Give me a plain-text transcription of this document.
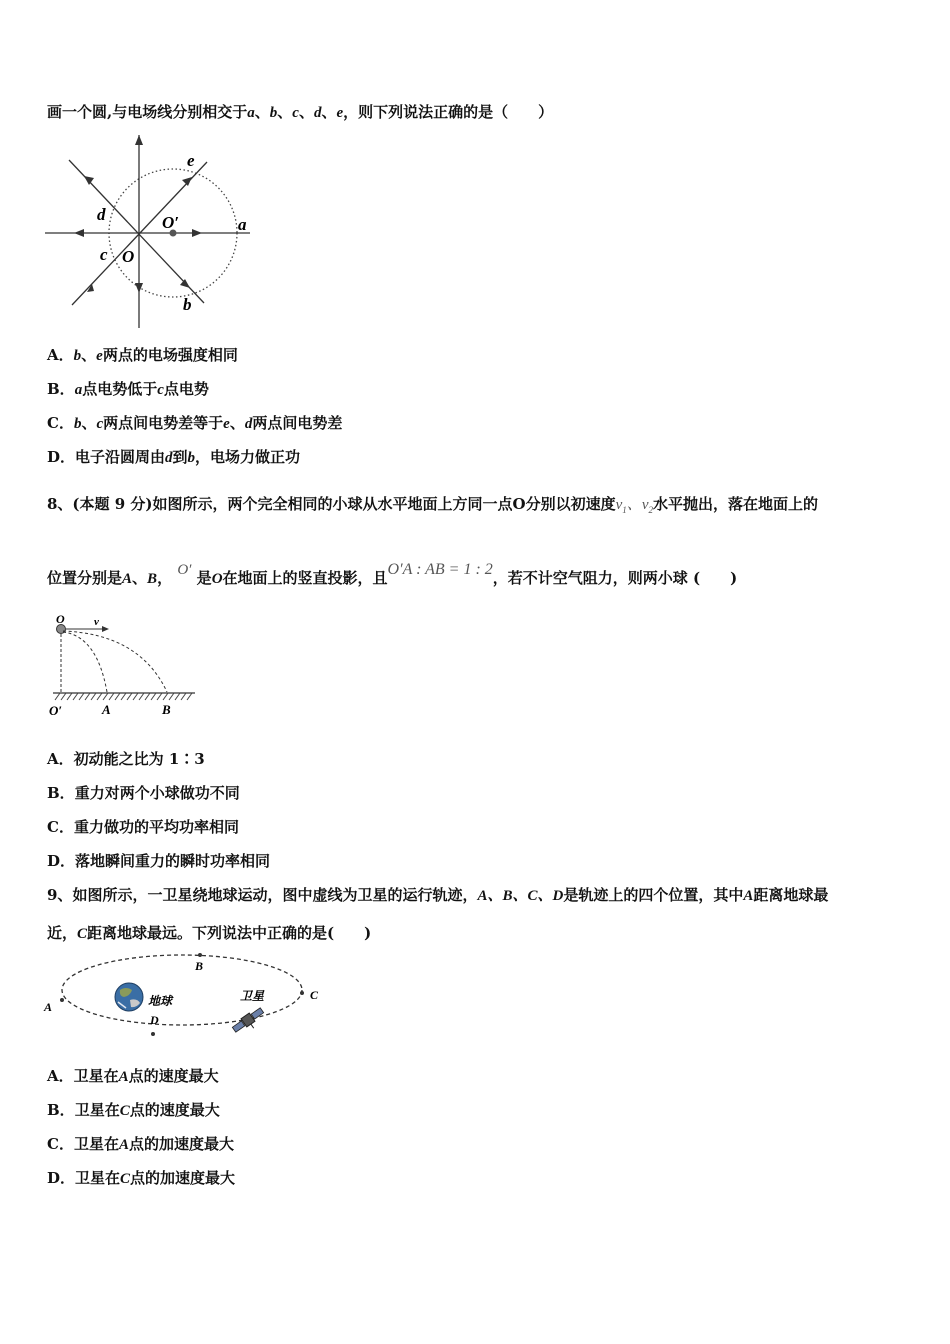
画一个圆,与电场线分别相交于a、b、c、d、e，则下列说法正确的是（　　）
e
d	O′	a
c O
b
A．b、e两点的电场强度相同
B．a点电势低于c点电势
C．b、c两点间电势差等于e、d两点间电势差
D．电子沿圆周由d到b，电场力做正功
8、(本题 9 分)如图所示，两个完全相同的小球从水平地面上方同一点O分别以初速度$v_1$、$v_2$水平抛出，落在地面上的
位置分别是A、B， O′ 是O在地面上的竖直投影，且O′A : AB = 1 : 2，若不计空气阻力，则两小球 (　　)
O	v
O′	A	B
A．初动能之比为 1∶3
B．重力对两个小球做功不同
C．重力做功的平均功率相同
D．落地瞬间重力的瞬时功率相同
9、如图所示，一卫星绕地球运动，图中虚线为卫星的运行轨迹，A、B、C、D是轨迹上的四个位置，其中A距离地球最
近，C距离地球最远。下列说法中正确的是(　　)
A
B
C
D
地球	卫星
A．卫星在A点的速度最大
B．卫星在C点的速度最大
C．卫星在A点的加速度最大
D．卫星在C点的加速度最大
